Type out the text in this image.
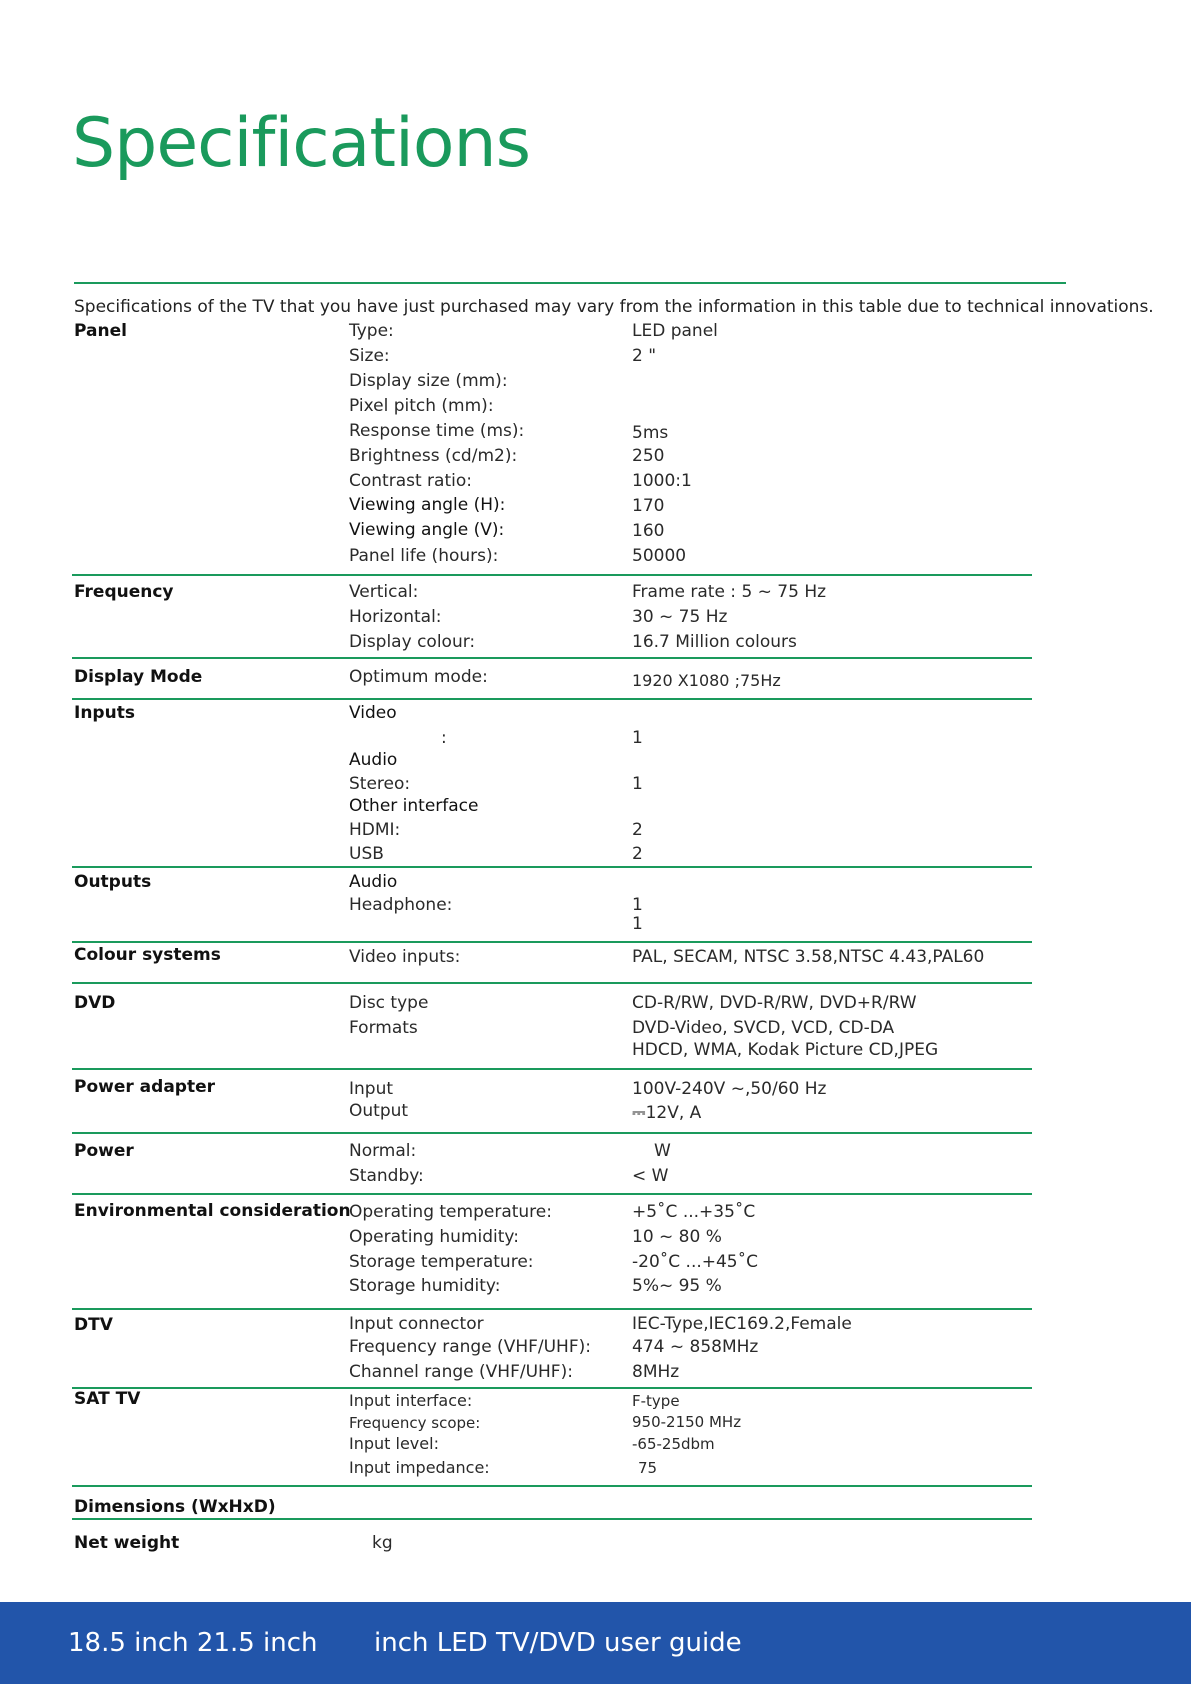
Specifications
Specifications of the TV that you have just purchased may vary from the information in this table due to technical innovations.
Panel	Type:	LED panel
Size:	2 "
Display size (mm):
Pixel pitch (mm):
Response time (ms):	5ms
Brightness (cd/m2):	250
Contrast ratio:	1000:1
Viewing angle (H):	170
Viewing angle (V):	160
Panel life (hours):	50000
Frequency	Vertical:	Frame rate : 5 ~ 75 Hz
Horizontal:	30 ~ 75 Hz
Display colour:	16.7 Million colours
Display Mode	Optimum mode:	1920 X1080 ;75Hz
Inputs	Video
:	1
Audio
Stereo:	1
Other interface
HDMI:	2
USB	2
Outputs	Audio
Headphone:	1
1
Colour systems	Video inputs:	PAL, SECAM, NTSC 3.58,NTSC 4.43,PAL60
DVD	Disc type	CD-R/RW, DVD-R/RW, DVD+R/RW
Formats	DVD-Video, SVCD, VCD, CD-DA
HDCD, WMA, Kodak Picture CD,JPEG
Power adapter	Input	100V-240V ~,50/60 Hz
Output	⎓12V, A
Power	Normal:	W
Standby:	< W
Environmental consideration
Operating temperature:	+5˚C ...+35˚C
Operating humidity:	10 ~ 80 %
Storage temperature:	-20˚C ...+45˚C
Storage humidity:	5%~ 95 %
DTV	Input connector	IEC-Type,IEC169.2,Female
Frequency range (VHF/UHF): 474 ~ 858MHz
Channel range (VHF/UHF):	8MHz
SAT TV	Input interface:	F-type
Frequency scope:	950-2150 MHz
Input level:	-65-25dbm
Input impedance:	75
Dimensions (WxHxD)
Net weight	kg
18.5 inch 21.5 inch inch LED TV/DVD user guide
